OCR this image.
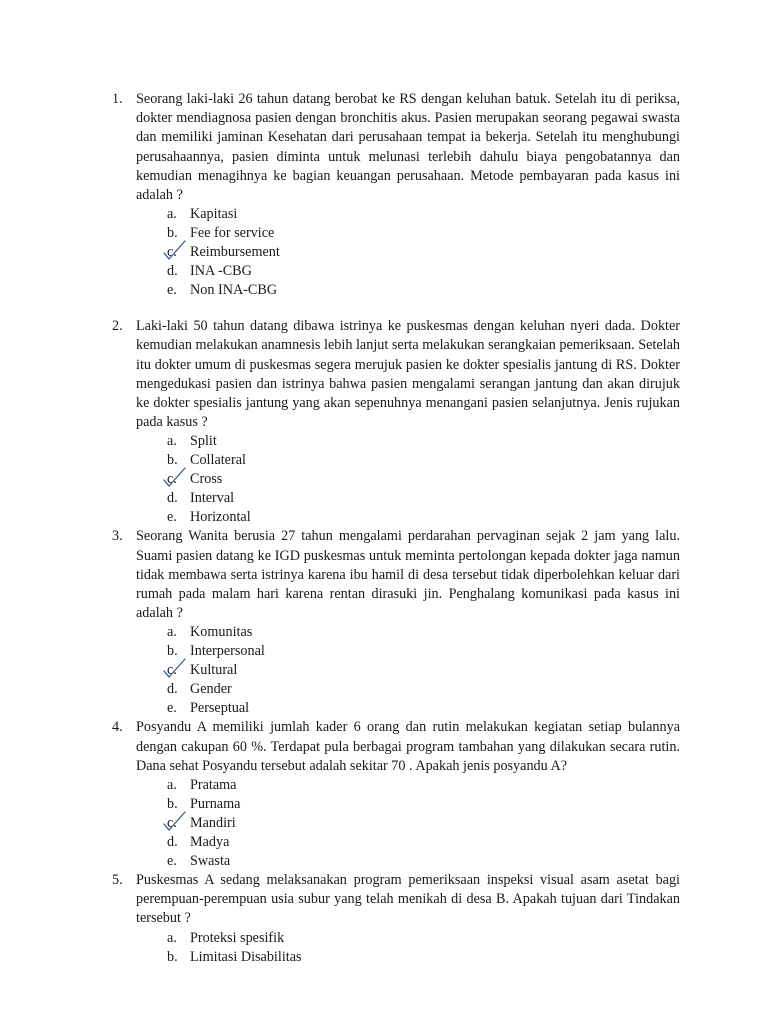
1. Seorang laki-laki 26 tahun datang berobat ke RS dengan keluhan batuk. Setelah itu di periksa, dokter mendiagnosa pasien dengan bronchitis akus. Pasien merupakan seorang pegawai swasta dan memiliki jaminan Kesehatan dari perusahaan tempat ia bekerja. Setelah itu menghubungi perusahaannya, pasien diminta untuk melunasi terlebih dahulu biaya pengobatannya dan kemudian menagihnya ke bagian keuangan perusahaan. Metode pembayaran pada kasus ini adalah ?
a. Kapitasi
b. Fee for service
c. Reimbursement
d. INA -CBG
e. Non INA-CBG
2. Laki-laki 50 tahun datang dibawa istrinya ke puskesmas dengan keluhan nyeri dada. Dokter kemudian melakukan anamnesis lebih lanjut serta melakukan serangkaian pemeriksaan. Setelah itu dokter umum di puskesmas segera merujuk pasien ke dokter spesialis jantung di RS. Dokter mengedukasi pasien dan istrinya bahwa pasien mengalami serangan jantung dan akan dirujuk ke dokter spesialis jantung yang akan sepenuhnya menangani pasien selanjutnya. Jenis rujukan pada kasus ?
a. Split
b. Collateral
c. Cross
d. Interval
e. Horizontal
3. Seorang Wanita berusia 27 tahun mengalami perdarahan pervaginan sejak 2 jam yang lalu. Suami pasien datang ke IGD puskesmas untuk meminta pertolongan kepada dokter jaga namun tidak membawa serta istrinya karena ibu hamil di desa tersebut tidak diperbolehkan keluar dari rumah pada malam hari karena rentan dirasuki jin. Penghalang komunikasi pada kasus ini adalah ?
a. Komunitas
b. Interpersonal
c. Kultural
d. Gender
e. Perseptual
4. Posyandu A memiliki jumlah kader 6 orang dan rutin melakukan kegiatan setiap bulannya dengan cakupan 60 %. Terdapat pula berbagai program tambahan yang dilakukan secara rutin. Dana sehat Posyandu tersebut adalah sekitar 70 . Apakah jenis posyandu A?
a. Pratama
b. Purnama
c. Mandiri
d. Madya
e. Swasta
5. Puskesmas A sedang melaksanakan program pemeriksaan inspeksi visual asam asetat bagi perempuan-perempuan usia subur yang telah menikah di desa B. Apakah tujuan dari Tindakan tersebut ?
a. Proteksi spesifik
b. Limitasi Disabilitas
